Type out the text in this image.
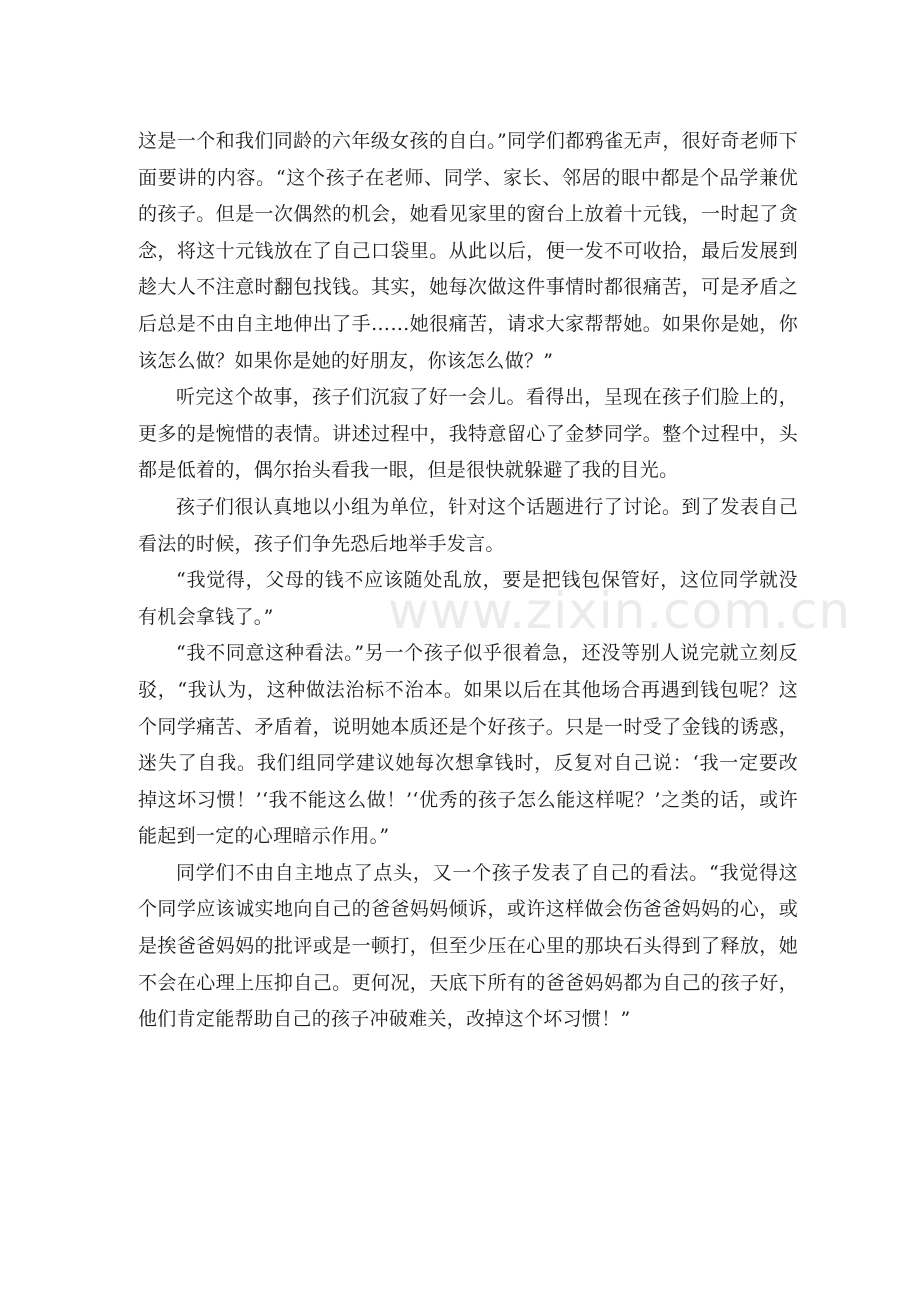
www.zixin.com.cn

这是一个和我们同龄的六年级女孩的自白。”同学们都鸦雀无声，很好奇老师下面要讲的内容。“这个孩子在老师、同学、家长、邻居的眼中都是个品学兼优的孩子。但是一次偶然的机会，她看见家里的窗台上放着十元钱，一时起了贪念，将这十元钱放在了自己口袋里。从此以后，便一发不可收拾，最后发展到趁大人不注意时翻包找钱。其实，她每次做这件事情时都很痛苦，可是矛盾之后总是不由自主地伸出了手……她很痛苦，请求大家帮帮她。如果你是她，你该怎么做？如果你是她的好朋友，你该怎么做？”

听完这个故事，孩子们沉寂了好一会儿。看得出，呈现在孩子们脸上的，更多的是惋惜的表情。讲述过程中，我特意留心了金梦同学。整个过程中，头都是低着的，偶尔抬头看我一眼，但是很快就躲避了我的目光。

孩子们很认真地以小组为单位，针对这个话题进行了讨论。到了发表自己看法的时候，孩子们争先恐后地举手发言。

“我觉得，父母的钱不应该随处乱放，要是把钱包保管好，这位同学就没有机会拿钱了。”

“我不同意这种看法。”另一个孩子似乎很着急，还没等别人说完就立刻反驳，“我认为，这种做法治标不治本。如果以后在其他场合再遇到钱包呢？这个同学痛苦、矛盾着，说明她本质还是个好孩子。只是一时受了金钱的诱惑，迷失了自我。我们组同学建议她每次想拿钱时，反复对自己说：‘我一定要改掉这坏习惯！’‘我不能这么做！’‘优秀的孩子怎么能这样呢？’之类的话，或许能起到一定的心理暗示作用。”

同学们不由自主地点了点头，又一个孩子发表了自己的看法。“我觉得这个同学应该诚实地向自己的爸爸妈妈倾诉，或许这样做会伤爸爸妈妈的心，或是挨爸爸妈妈的批评或是一顿打，但至少压在心里的那块石头得到了释放，她不会在心理上压抑自己。更何况，天底下所有的爸爸妈妈都为自己的孩子好，他们肯定能帮助自己的孩子冲破难关，改掉这个坏习惯！”
